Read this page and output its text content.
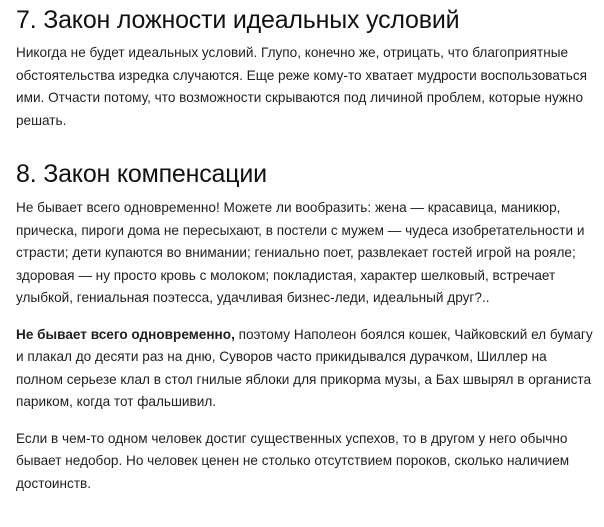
7. Закон ложности идеальных условий

Никогда не будет идеальных условий. Глупо, конечно же, отрицать, что благоприятные обстоятельства изредка случаются. Еще реже кому-то хватает мудрости воспользоваться ими. Отчасти потому, что возможности скрываются под личиной проблем, которые нужно решать.

8. Закон компенсации

Не бывает всего одновременно! Можете ли вообразить: жена — красавица, маникюр, прическа, пироги дома не пересыхают, в постели с мужем — чудеса изобретательности и страсти; дети купаются во внимании; гениально поет, развлекает гостей игрой на рояле; здоровая — ну просто кровь с молоком; покладистая, характер шелковый, встречает улыбкой, гениальная поэтесса, удачливая бизнес-леди, идеальный друг?..

Не бывает всего одновременно, поэтому Наполеон боялся кошек, Чайковский ел бумагу и плакал до десяти раз на дню, Суворов часто прикидывался дурачком, Шиллер на полном серьезе клал в стол гнилые яблоки для прикорма музы, а Бах швырял в органиста париком, когда тот фальшивил.

Если в чем-то одном человек достиг существенных успехов, то в другом у него обычно бывает недобор. Но человек ценен не столько отсутствием пороков, сколько наличием достоинств.
